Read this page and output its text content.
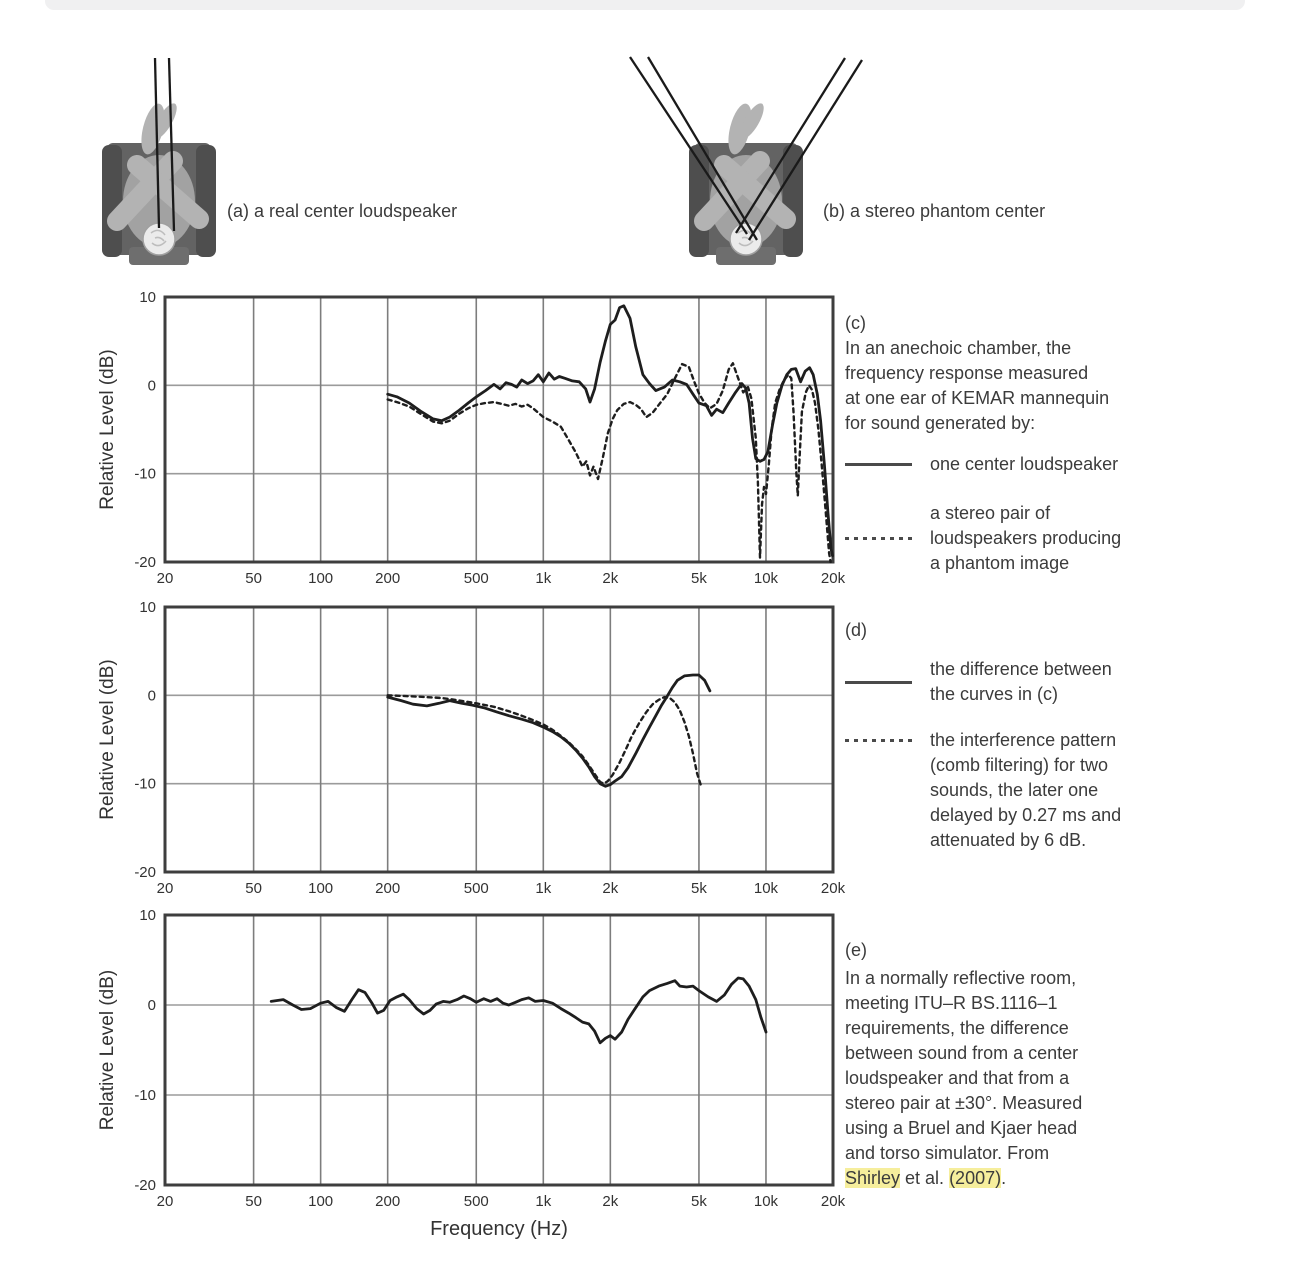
(a) a real center loudspeaker	(b) a stereo phantom center
20	50	100	200	500	1k	2k	5k	10k	20k
10
0
-10
-20
Relative Level (dB)
20	50	100	200	500	1k	2k	5k	10k	20k
10
0
-10
-20
Relative Level (dB)
20	50	100	200	500	1k	2k	5k	10k	20k
10
0
-10
-20
Relative Level (dB)
Frequency (Hz)
(c)
In an anechoic chamber, the
frequency response measured
at one ear of KEMAR mannequin
for sound generated by:
one center loudspeaker
a stereo pair of
loudspeakers producing
a phantom image
(d)
the difference between
the curves in (c)
the interference pattern
(comb filtering) for two
sounds, the later one
delayed by 0.27 ms and
attenuated by 6 dB.
(e)
In a normally reflective room,
meeting ITU–R BS.1116–1
requirements, the difference
between sound from a center
loudspeaker and that from a
stereo pair at ±30°. Measured
using a Bruel and Kjaer head
and torso simulator. From
Shirley et al. (2007).
